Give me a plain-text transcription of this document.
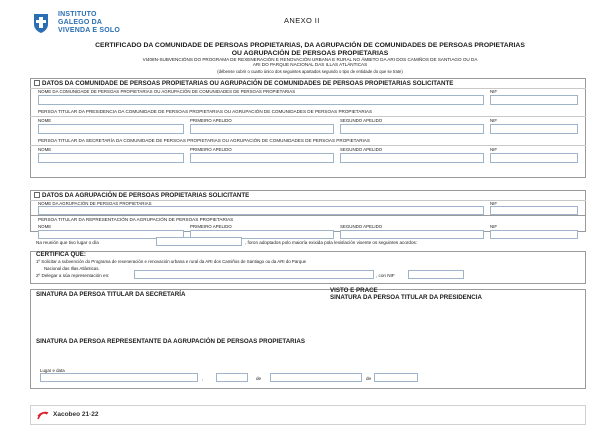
INSTITUTO
GALEGO DA
VIVENDA E SOLO
ANEXO II
CERTIFICADO DA COMUNIDADE DE PERSOAS PROPIETARIAS, DA AGRUPACIÓN DE COMUNIDADES DE PERSOAS PROPIETARIAS
OU AGRUPACIÓN DE PERSOAS PROPIETARIAS
VI408N-SUBVENCIÓNS DO PROGRAMA DE REXENERACIÓN E RENOVACIÓN URBANA E RURAL NO ÁMBITO DA ARI DOS CAMIÑOS DE SANTIAGO OU DA
ARI DO PARQUE NACIONAL DAS ILLAS ATLÁNTICAS
(débense cubrir o cuarto único dos seguintes apartados segundo o tipo de entidade do que se trate)
DATOS DA COMUNIDADE DE PERSOAS PROPIETARIAS OU AGRUPACIÓN DE COMUNIDADES DE PERSOAS PROPIETARIAS SOLICITANTE
NOME DA COMUNIDADE DE PERSOAS PROPIETARIAS OU AGRUPACIÓN DE COMUNIDADES DE PERSOAS PROPIETARIAS	NIF
PERSOA TITULAR DA PRESIDENCIA DA COMUNIDADE DE PERSOAS PROPIETARIAS OU AGRUPACIÓN DE COMUNIDADES DE PERSOAS PROPIETARIAS
NOME	PRIMEIRO APELIDO	SEGUNDO APELIDO	NIF
PERSOA TITULAR DA SECRETARÍA DA COMUNIDADE DE PERSOAS PROPIETARIAS OU AGRUPACIÓN DE COMUNIDADES DE PERSOAS PROPIETARIAS
NOME	PRIMEIRO APELIDO	SEGUNDO APELIDO	NIF
DATOS DA AGRUPACIÓN DE PERSOAS PROPIETARIAS SOLICITANTE
NOME DA AGRUPACIÓN DE PERSOAS PROPIETARIAS	NIF
PERSOA TITULAR DA REPRESENTACIÓN DA AGRUPACIÓN DE PERSOAS PROPIETARIAS
NOME	PRIMEIRO APELIDO	SEGUNDO APELIDO	NIF
CERTIFICA QUE:
Na reunión que tivo lugar o día	, foron adoptados polo maioría exixida pola lexislación vixente os seguintes acordos:
1º Solicitar a subvención do Programa de rexeneración e renovación urbana e rural da ARI dos Camiños de Santiago ou da ARI do Parque
Nacional das Illas Atlánticas.
2º Delegar a súa representación en:	, con NIF
SINATURA DA PERSOA TITULAR DA SECRETARÍA
VISTO E PRACE
SINATURA DA PERSOA TITULAR DA PRESIDENCIA
SINATURA DA PERSOA REPRESENTANTE DA AGRUPACIÓN DE PERSOAS PROPIETARIAS
Lugar e data
,	de	de
Xacobeo 21·22
